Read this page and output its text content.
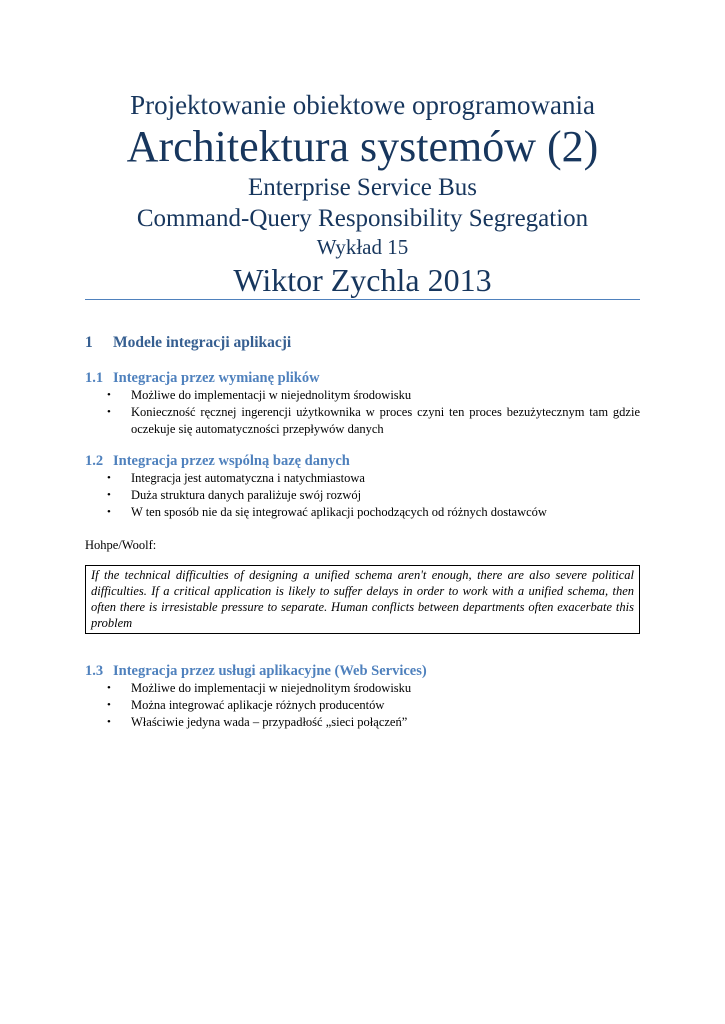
Projektowanie obiektowe oprogramowania
Architektura systemów (2)
Enterprise Service Bus
Command-Query Responsibility Segregation
Wykład 15
Wiktor Zychla 2013
1 Modele integracji aplikacji
1.1 Integracja przez wymianę plików
• Możliwe do implementacji w niejednolitym środowisku
• Konieczność ręcznej ingerencji użytkownika w proces czyni ten proces bezużytecznym tam gdzie oczekuje się automatyczności przepływów danych
1.2 Integracja przez wspólną bazę danych
• Integracja jest automatyczna i natychmiastowa
• Duża struktura danych paraliżuje swój rozwój
• W ten sposób nie da się integrować aplikacji pochodzących od różnych dostawców
Hohpe/Woolf:
If the technical difficulties of designing a unified schema aren't enough, there are also severe political difficulties. If a critical application is likely to suffer delays in order to work with a unified schema, then often there is irresistable pressure to separate. Human conflicts between departments often exacerbate this problem
1.3 Integracja przez usługi aplikacyjne (Web Services)
• Możliwe do implementacji w niejednolitym środowisku
• Można integrować aplikacje różnych producentów
• Właściwie jedyna wada – przypadłość „sieci połączeń”
